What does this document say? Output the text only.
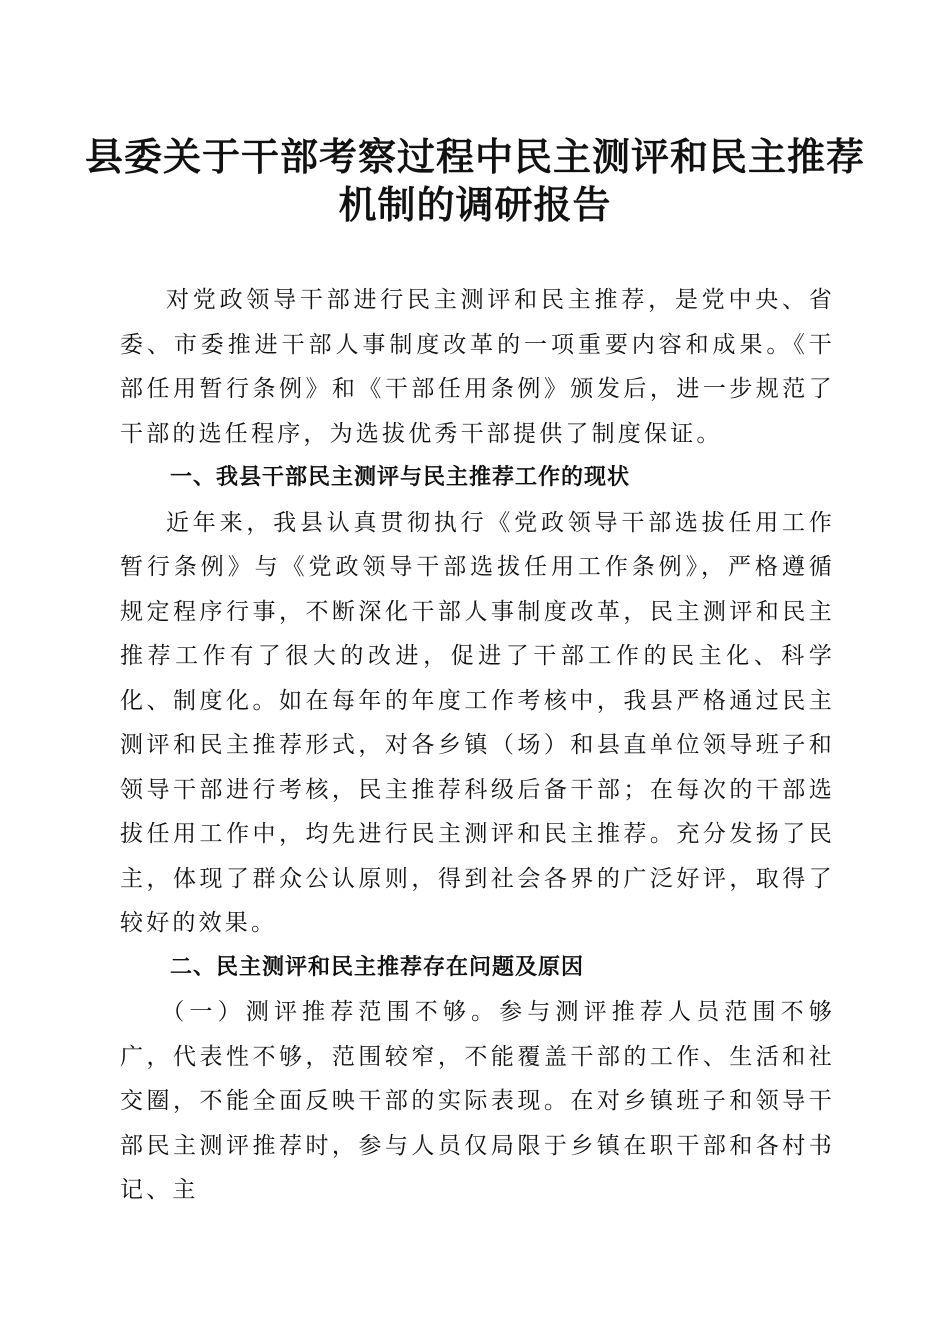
县委关于干部考察过程中民主测评和民主推荐
机制的调研报告

对党政领导干部进行民主测评和民主推荐，是党中央、省委、市委推进干部人事制度改革的一项重要内容和成果。《干部任用暂行条例》和《干部任用条例》颁发后，进一步规范了干部的选任程序，为选拔优秀干部提供了制度保证。

一、我县干部民主测评与民主推荐工作的现状

近年来，我县认真贯彻执行《党政领导干部选拔任用工作暂行条例》与《党政领导干部选拔任用工作条例》，严格遵循规定程序行事，不断深化干部人事制度改革，民主测评和民主推荐工作有了很大的改进，促进了干部工作的民主化、科学化、制度化。如在每年的年度工作考核中，我县严格通过民主测评和民主推荐形式，对各乡镇（场）和县直单位领导班子和领导干部进行考核，民主推荐科级后备干部；在每次的干部选拔任用工作中，均先进行民主测评和民主推荐。充分发扬了民主，体现了群众公认原则，得到社会各界的广泛好评，取得了较好的效果。

二、民主测评和民主推荐存在问题及原因

（一）测评推荐范围不够。参与测评推荐人员范围不够广，代表性不够，范围较窄，不能覆盖干部的工作、生活和社交圈，不能全面反映干部的实际表现。在对乡镇班子和领导干部民主测评推荐时，参与人员仅局限于乡镇在职干部和各村书记、主
